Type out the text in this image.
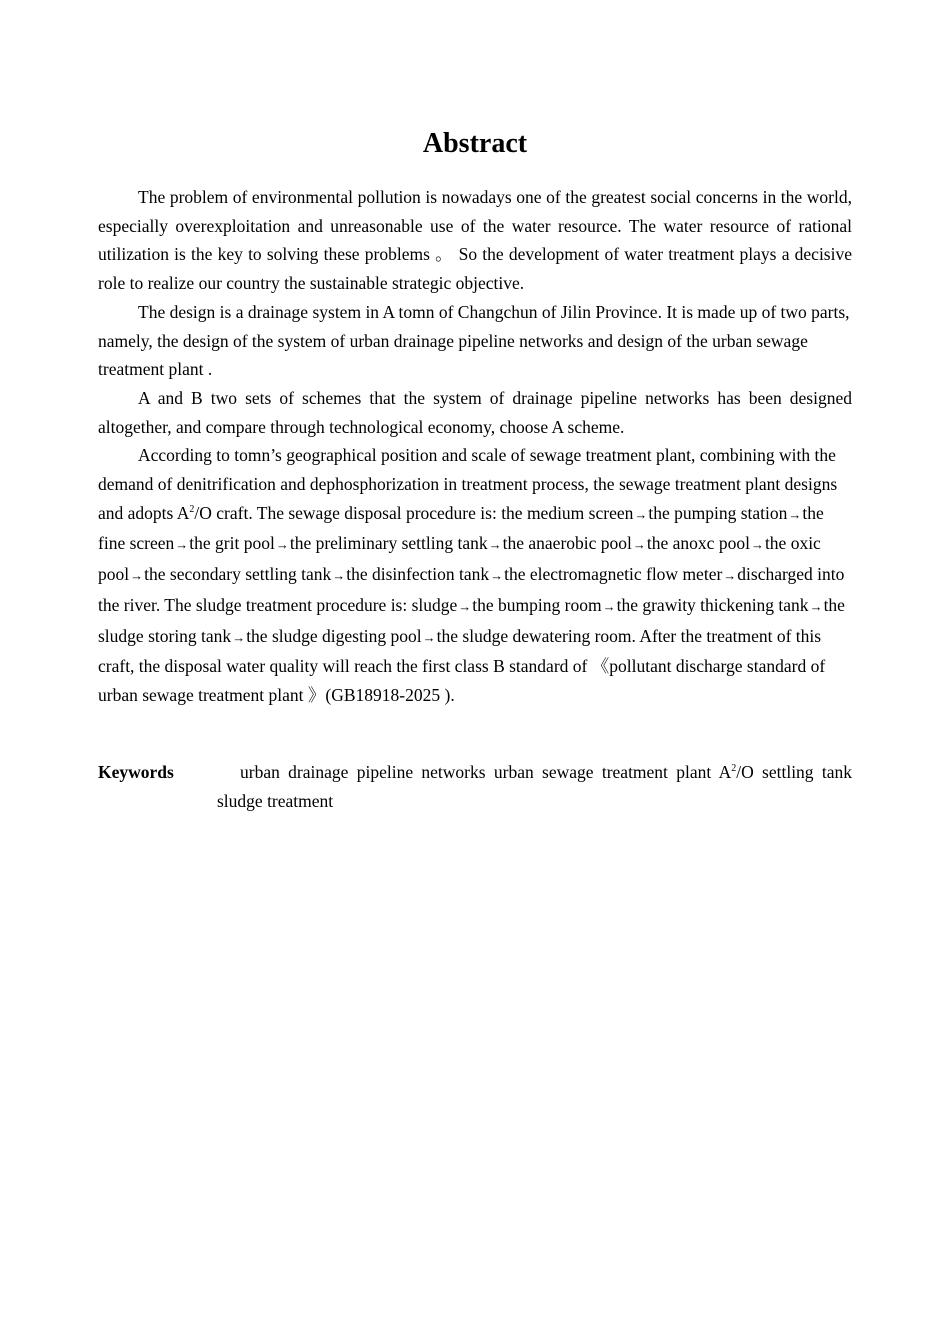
Abstract

The problem of environmental pollution is nowadays one of the greatest social concerns in the world, especially overexploitation and unreasonable use of the water resource. The water resource of rational utilization is the key to solving these problems 。 So the development of water treatment plays a decisive role to realize our country the sustainable strategic objective.

The design is a drainage system in A tomn of Changchun of Jilin Province. It is made up of two parts, namely, the design of the system of urban drainage pipeline networks and design of the urban sewage treatment plant .

A and B two sets of schemes that the system of drainage pipeline networks has been designed altogether, and compare through technological economy, choose A scheme.

According to tomn’s geographical position and scale of sewage treatment plant, combining with the demand of denitrification and dephosphorization in treatment process, the sewage treatment plant designs and adopts $A^2/O$ craft. The sewage disposal procedure is: the medium screen→the pumping station→the fine screen→the grit pool→the preliminary settling tank→the anaerobic pool→the anoxc pool→the oxic pool→the secondary settling tank→the disinfection tank→the electromagnetic flow meter→discharged into the river. The sludge treatment procedure is: sludge→the bumping room→the grawity thickening tank→the sludge storing tank→the sludge digesting pool→the sludge dewatering room. After the treatment of this craft, the disposal water quality will reach the first class B standard of 《pollutant discharge standard of urban sewage treatment plant 》(GB18918-2025 ).

Keywords	urban drainage pipeline networks urban sewage treatment plant $A^2/O$ settling tank sludge treatment
